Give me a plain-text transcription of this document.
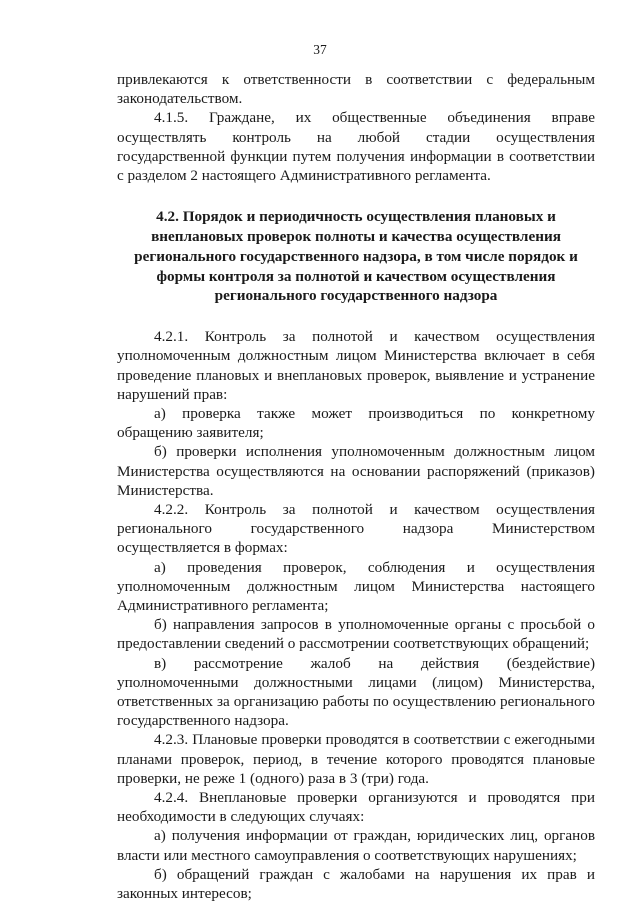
37

привлекаются к ответственности в соответствии с федеральным законодательством.

4.1.5. Граждане, их общественные объединения вправе осуществлять контроль на любой стадии осуществления государственной функции путем получения информации в соответствии с разделом 2 настоящего Административного регламента.

4.2. Порядок и периодичность осуществления плановых и внеплановых проверок полноты и качества осуществления регионального государственного надзора, в том числе порядок и формы контроля за полнотой и качеством осуществления регионального государственного надзора

4.2.1. Контроль за полнотой и качеством осуществления уполномоченным должностным лицом Министерства включает в себя проведение плановых и внеплановых проверок, выявление и устранение нарушений прав:

а) проверка также может производиться по конкретному обращению заявителя;

б) проверки исполнения уполномоченным должностным лицом Министерства осуществляются на основании распоряжений (приказов) Министерства.

4.2.2. Контроль за полнотой и качеством осуществления регионального государственного надзора Министерством осуществляется в формах:

а) проведения проверок, соблюдения и осуществления уполномоченным должностным лицом Министерства настоящего Административного регламента;

б) направления запросов в уполномоченные органы с просьбой о предоставлении сведений о рассмотрении соответствующих обращений;

в) рассмотрение жалоб на действия (бездействие) уполномоченными должностными лицами (лицом) Министерства, ответственных за организацию работы по осуществлению регионального государственного надзора.

4.2.3. Плановые проверки проводятся в соответствии с ежегодными планами проверок, период, в течение которого проводятся плановые проверки, не реже 1 (одного) раза в 3 (три) года.

4.2.4. Внеплановые проверки организуются и проводятся при необходимости в следующих случаях:

а) получения информации от граждан, юридических лиц, органов власти или местного самоуправления о соответствующих нарушениях;

б) обращений граждан с жалобами на нарушения их прав и законных интересов;
